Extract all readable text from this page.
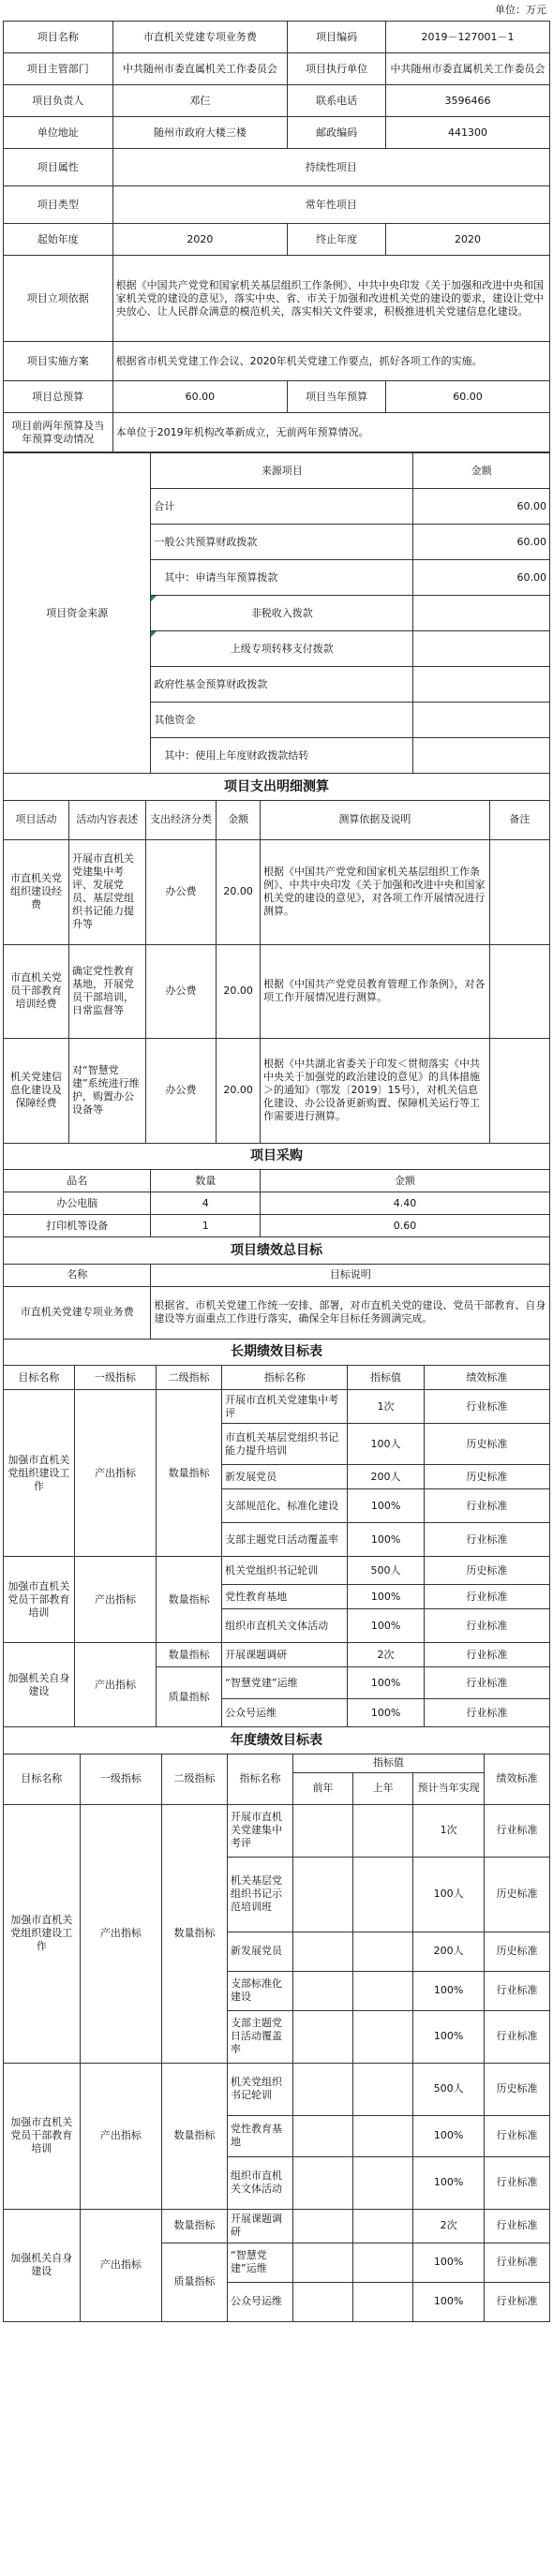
单位：万元
项目名称	市直机关党建专项业务费	项目编码	2019－127001－1
项目主管部门	中共随州市委直属机关工作委员会	项目执行单位	中共随州市委直属机关工作委员会
项目负责人	邓仨	联系电话	3596466
单位地址	随州市政府大楼三楼	邮政编码	441300
项目属性	持续性项目		
项目类型	常年性项目		
起始年度	2020	终止年度	2020
项目立项依据	根据《中国共产党党和国家机关基层组织工作条例》、中共中央印发《关于加强和改进中央和国家机关党的建设的意见》，落实中央、省、市关于加强和改进机关党的建设的要求，建设让党中央放心、让人民群众满意的模范机关，落实相关文件要求，积极推进机关党建信息化建设。		
项目实施方案	根据省市机关党建工作会议、2020年机关党建工作要点，抓好各项工作的实施。		
项目总预算	60.00	项目当年预算	60.00
项目前两年预算及当年预算变动情况	本单位于2019年机构改革新成立，无前两年预算情况。		
项目资金来源	来源项目	金额
	合计	60.00
	一般公共预算财政拨款	60.00
	其中：申请当年预算拨款	60.00
	非税收入拨款	
	上级专项转移支付拨款	
	政府性基金预算财政拨款	
	其他资金	
	其中：使用上年度财政拨款结转	
项目支出明细测算					
项目活动	活动内容表述	支出经济分类	金额	测算依据及说明	备注
市直机关党组织建设经费	开展市直机关党建集中考评、发展党员、基层党组织书记能力提升等	办公费	20.00	根据《中国共产党党和国家机关基层组织工作条例》、中共中央印发《关于加强和改进中央和国家机关党的建设的意见》，对各项工作开展情况进行测算。	
市直机关党员干部教育培训经费	确定党性教育基地，开展党员干部培训，日常监督等	办公费	20.00	根据《中国共产党党员教育管理工作条例》，对各项工作开展情况进行测算。	
机关党建信息化建设及保障经费	对“智慧党建”系统进行维护，购置办公设备等	办公费	20.00	根据《中共湖北省委关于印发＜贯彻落实《中共中央关于加强党的政治建设的意见》的具体措施＞的通知》（鄂发〔2019〕15号），对机关信息化建设、办公设备更新购置、保障机关运行等工作需要进行测算。	
项目采购		
品名	数量	金额
办公电脑	4	4.40
打印机等设备	1	0.60
项目绩效总目标	
名称	目标说明
市直机关党建专项业务费	根据省、市机关党建工作统一安排、部署，对市直机关党的建设、党员干部教育、自身建设等方面重点工作进行落实，确保全年目标任务圆满完成。
长期绩效目标表					
目标名称	一级指标	二级指标	指标名称	指标值	绩效标准
加强市直机关党组织建设工作	产出指标	数量指标	开展市直机关党建集中考评	1次	行业标准
			市直机关基层党组织书记能力提升培训	100人	历史标准
			新发展党员	200人	历史标准
			支部规范化、标准化建设	100%	行业标准
			支部主题党日活动覆盖率	100%	行业标准
加强市直机关党员干部教育培训	产出指标	数量指标	机关党组织书记轮训	500人	历史标准
			党性教育基地	100%	行业标准
			组织市直机关文体活动	100%	行业标准
加强机关自身建设	产出指标	数量指标	开展课题调研	2次	行业标准
		质量指标	“智慧党建”运维	100%	行业标准
			公众号运维	100%	行业标准
年度绩效目标表							
目标名称	一级指标	二级指标	指标名称	指标值			绩效标准
				前年	上年	预计当年实现	
加强市直机关党组织建设工作	产出指标	数量指标	开展市直机关党建集中考评			1次	行业标准
			机关基层党组织书记示范培训班			100人	历史标准
			新发展党员			200人	历史标准
			支部标准化建设			100%	行业标准
			支部主题党日活动覆盖率			100%	行业标准
加强市直机关党员干部教育培训	产出指标	数量指标	机关党组织书记轮训			500人	历史标准
			党性教育基地			100%	行业标准
			组织市直机关文体活动			100%	行业标准
加强机关自身建设	产出指标	数量指标	开展课题调研			2次	行业标准
		质量指标	“智慧党建”运维			100%	行业标准
			公众号运维			100%	行业标准
